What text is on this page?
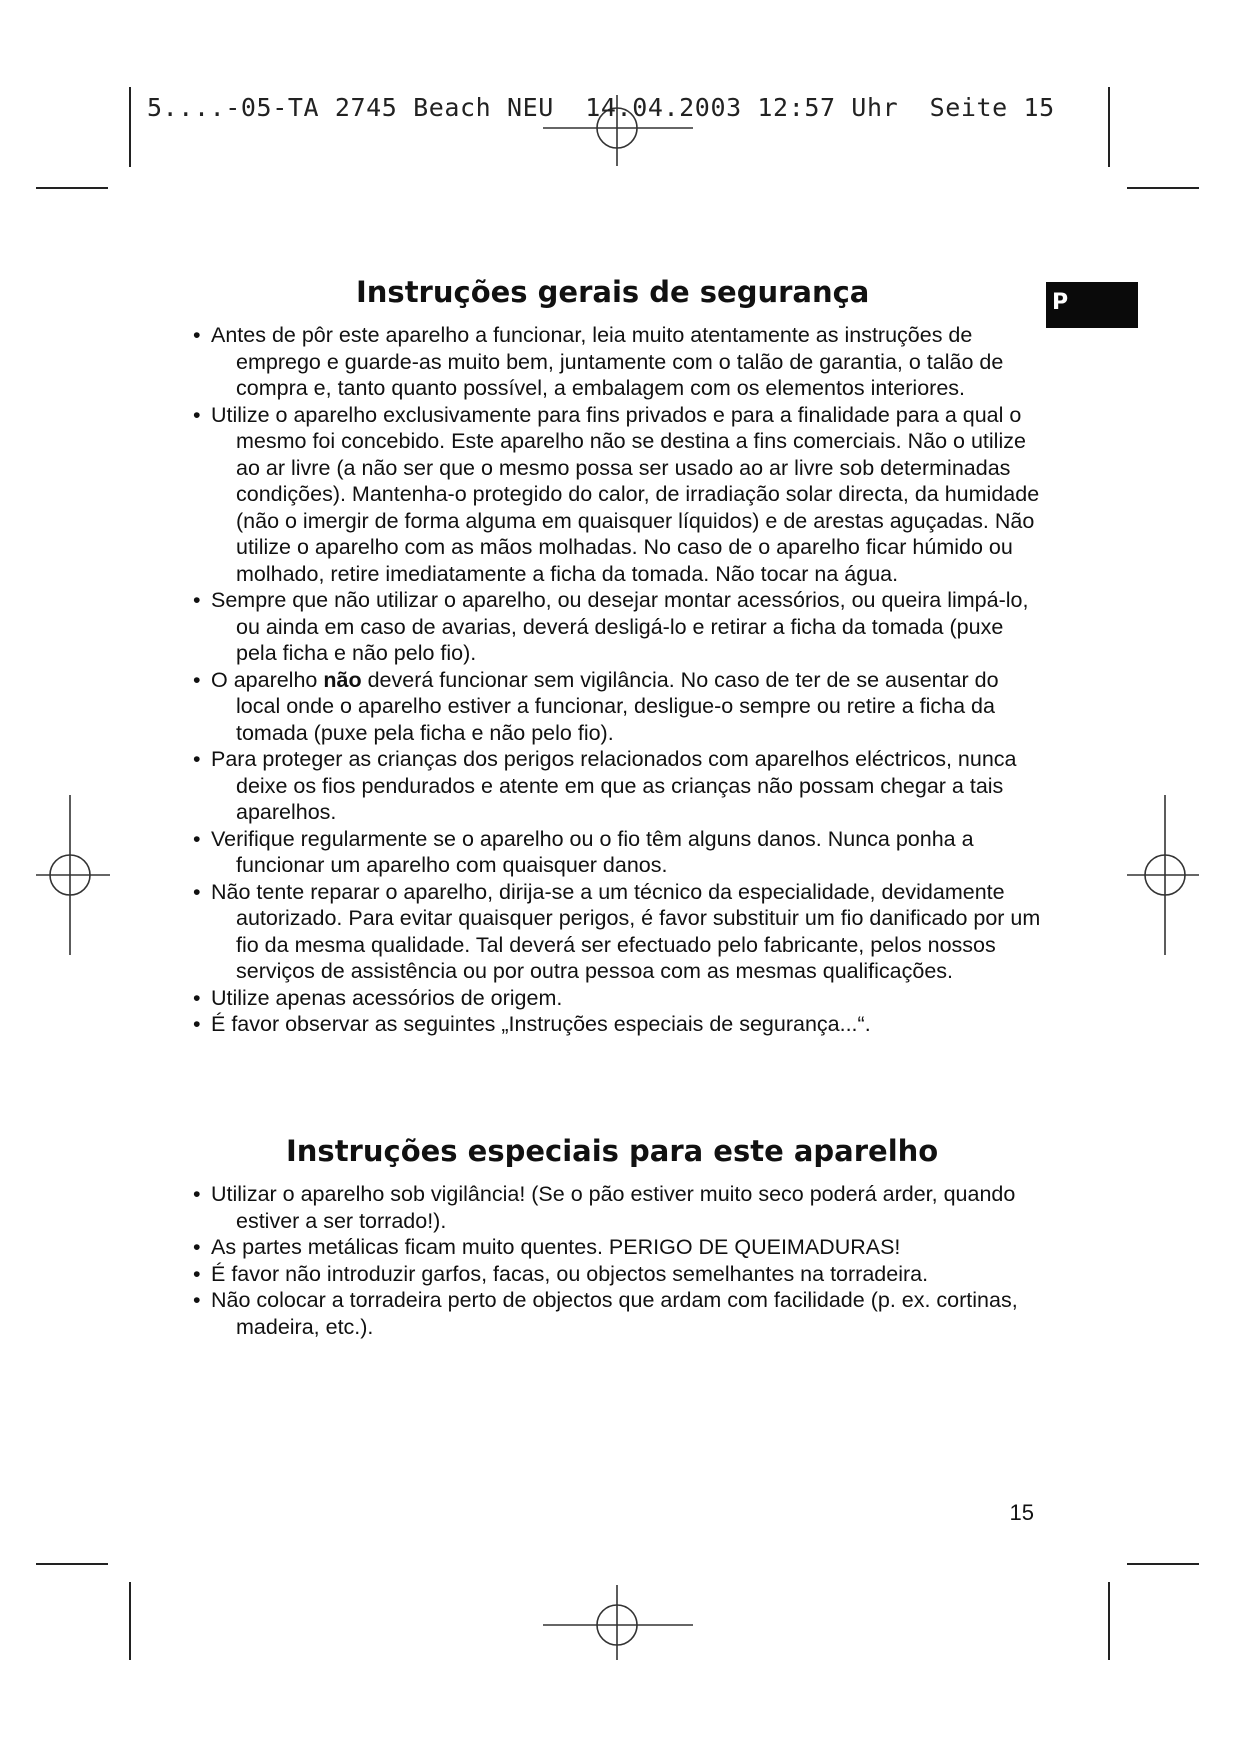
5....-05-TA 2745 Beach NEU  14.04.2003 12:57 Uhr  Seite 15

P
Instruções gerais de segurança
• Antes de pôr este aparelho a funcionar, leia muito atentamente as instruções de emprego e guarde-as muito bem, juntamente com o talão de garantia, o talão de compra e, tanto quanto possível, a embalagem com os elementos interiores.
• Utilize o aparelho exclusivamente para fins privados e para a finalidade para a qual o mesmo foi concebido. Este aparelho não se destina a fins comerciais. Não o utilize ao ar livre (a não ser que o mesmo possa ser usado ao ar livre sob determinadas condições). Mantenha-o protegido do calor, de irradiação solar directa, da humidade (não o imergir de forma alguma em quaisquer líquidos) e de arestas aguçadas. Não utilize o aparelho com as mãos molhadas. No caso de o aparelho ficar húmido ou molhado, retire imediatamente a ficha da tomada. Não tocar na água.
• Sempre que não utilizar o aparelho, ou desejar montar acessórios, ou queira limpá-lo, ou ainda em caso de avarias, deverá desligá-lo e retirar a ficha da tomada (puxe pela ficha e não pelo fio).
• O aparelho não deverá funcionar sem vigilância. No caso de ter de se ausentar do local onde o aparelho estiver a funcionar, desligue-o sempre ou retire a ficha da tomada (puxe pela ficha e não pelo fio).
• Para proteger as crianças dos perigos relacionados com aparelhos eléctricos, nunca deixe os fios pendurados e atente em que as crianças não possam chegar a tais aparelhos.
• Verifique regularmente se o aparelho ou o fio têm alguns danos. Nunca ponha a funcionar um aparelho com quaisquer danos.
• Não tente reparar o aparelho, dirija-se a um técnico da especialidade, devidamente autorizado. Para evitar quaisquer perigos, é favor substituir um fio danificado por um fio da mesma qualidade. Tal deverá ser efectuado pelo fabricante, pelos nossos serviços de assistência ou por outra pessoa com as mesmas qualificações.
• Utilize apenas acessórios de origem.
• É favor observar as seguintes „Instruções especiais de segurança...“.
Instruções especiais para este aparelho
• Utilizar o aparelho sob vigilância! (Se o pão estiver muito seco poderá arder, quando estiver a ser torrado!).
• As partes metálicas ficam muito quentes. PERIGO DE QUEIMADURAS!
• É favor não introduzir garfos, facas, ou objectos semelhantes na torradeira.
• Não colocar a torradeira perto de objectos que ardam com facilidade (p. ex. cortinas, madeira, etc.).

15
